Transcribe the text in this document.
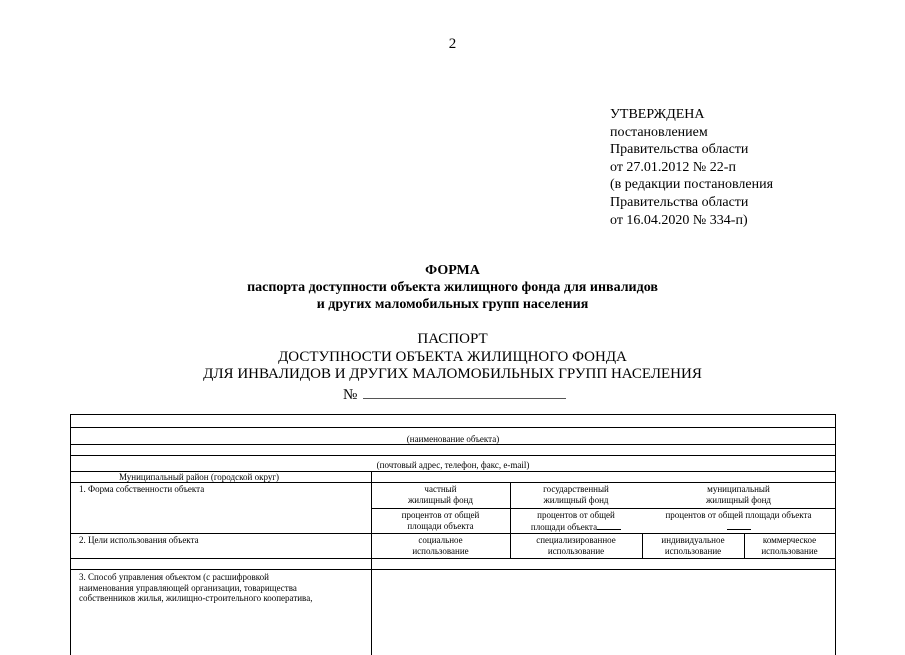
2
УТВЕРЖДЕНА
постановлением
Правительства области
от 27.01.2012 № 22-п
(в редакции постановления
Правительства области
от 16.04.2020 № 334-п)
ФОРМА
паспорта доступности объекта жилищного фонда для инвалидов
и других маломобильных групп населения
ПАСПОРТ
ДОСТУПНОСТИ ОБЪЕКТА ЖИЛИЩНОГО ФОНДА
ДЛЯ ИНВАЛИДОВ И ДРУГИХ МАЛОМОБИЛЬНЫХ ГРУПП НАСЕЛЕНИЯ
№
(наименование объекта)
(почтовый адрес, телефон, факс, e-mail)
Муниципальный район (городской округ)
1. Форма собственности объекта	частный
жилищный фонд
государственный
жилищный фонд
муниципальный
жилищный фонд
процентов от общей
площади объекта
процентов от общей
площади объекта
процентов от общей площади объекта
2. Цели использования объекта	социальное
использование
специализированное
использование
индивидуальное
использование
коммерческое
использование
3. Способ управления объектом (с расшифровкой
наименования управляющей организации, товарищества
собственников жилья, жилищно-строительного кооператива,
